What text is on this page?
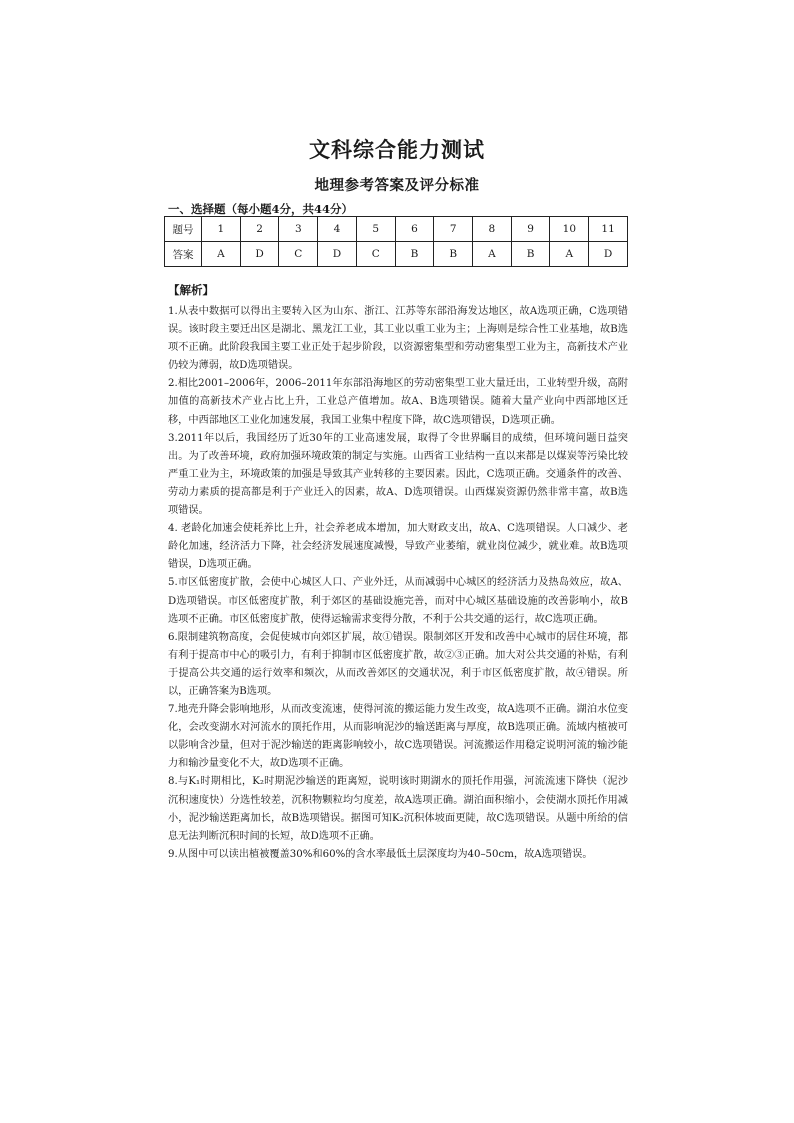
文科综合能力测试
地理参考答案及评分标准
一、选择题（每小题4分，共44分）
题号	1	2	3	4	5	6	7	8	9	10	11
答案	A	D	C	D	C	B	B	A	B	A	D
【解析】

1.从表中数据可以得出主要转入区为山东、浙江、江苏等东部沿海发达地区，故A选项正确，C选项错误。该时段主要迁出区是湖北、黑龙江工业，其工业以重工业为主；上海则是综合性工业基地，故B选项不正确。此阶段我国主要工业正处于起步阶段，以资源密集型和劳动密集型工业为主，高新技术产业仍较为薄弱，故D选项错误。

2.相比2001–2006年，2006–2011年东部沿海地区的劳动密集型工业大量迁出，工业转型升级，高附加值的高新技术产业占比上升，工业总产值增加。故A、B选项错误。随着大量产业向中西部地区迁移，中西部地区工业化加速发展，我国工业集中程度下降，故C选项错误，D选项正确。

3.2011年以后，我国经历了近30年的工业高速发展，取得了令世界瞩目的成绩，但环境问题日益突出。为了改善环境，政府加强环境政策的制定与实施。山西省工业结构一直以来都是以煤炭等污染比较严重工业为主，环境政策的加强是导致其产业转移的主要因素。因此，C选项正确。交通条件的改善、劳动力素质的提高都是利于产业迁入的因素，故A、D选项错误。山西煤炭资源仍然非常丰富，故B选项错误。

4. 老龄化加速会使耗养比上升，社会养老成本增加，加大财政支出，故A、C选项错误。人口减少、老龄化加速，经济活力下降，社会经济发展速度减慢，导致产业萎缩，就业岗位减少，就业难。故B选项错误，D选项正确。

5.市区低密度扩散，会使中心城区人口、产业外迁，从而减弱中心城区的经济活力及热岛效应，故A、D选项错误。市区低密度扩散，利于郊区的基础设施完善，而对中心城区基础设施的改善影响小，故B选项不正确。市区低密度扩散，使得运输需求变得分散，不利于公共交通的运行，故C选项正确。

6.限制建筑物高度，会促使城市向郊区扩展，故①错误。限制郊区开发和改善中心城市的居住环境，都有利于提高市中心的吸引力，有利于抑制市区低密度扩散，故②③正确。加大对公共交通的补贴，有利于提高公共交通的运行效率和频次，从而改善郊区的交通状况，利于市区低密度扩散，故④错误。所以，正确答案为B选项。

7.地壳升降会影响地形，从而改变流速，使得河流的搬运能力发生改变，故A选项不正确。湖泊水位变化，会改变湖水对河流水的顶托作用，从而影响泥沙的输送距离与厚度，故B选项正确。流域内植被可以影响含沙量，但对于泥沙输送的距离影响较小，故C选项错误。河流搬运作用稳定说明河流的输沙能力和输沙量变化不大，故D选项不正确。

8.与K₁时期相比，K₂时期泥沙输送的距离短，说明该时期湖水的顶托作用强，河流流速下降快（泥沙沉积速度快）分选性较差，沉积物颗粒均匀度差，故A选项正确。湖泊面积缩小，会使湖水顶托作用减小，泥沙输送距离加长，故B选项错误。据图可知K₂沉积体坡面更陡，故C选项错误。从题中所给的信息无法判断沉积时间的长短，故D选项不正确。

9.从图中可以读出植被覆盖30%和60%的含水率最低土层深度均为40–50cm，故A选项错误。
